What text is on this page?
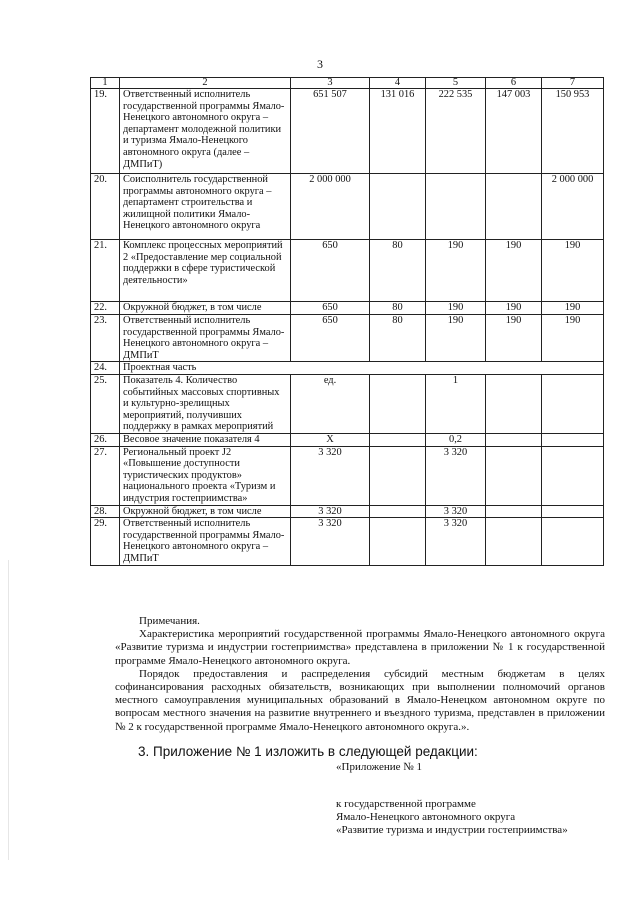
3
1	2	3	4	5	6	7
19.	Ответственный исполнитель государственной программы Ямало-Ненецкого автономного округа – департамент молодежной политики и туризма Ямало-Ненецкого автономного округа (далее – ДМПиТ)	651 507	131 016	222 535	147 003	150 953
20.	Соисполнитель государственной программы автономного округа – департамент строительства и жилищной политики Ямало-Ненецкого автономного округа	2 000 000				2 000 000
21.	Комплекс процессных мероприятий 2 «Предоставление мер социальной поддержки в сфере туристической деятельности»	650	80	190	190	190
22.	Окружной бюджет, в том числе	650	80	190	190	190
23.	Ответственный исполнитель государственной программы Ямало-Ненецкого автономного округа – ДМПиТ	650	80	190	190	190
24.	Проектная часть					
25.	Показатель 4. Количество событийных массовых спортивных и культурно-зрелищных мероприятий, получивших поддержку в рамках мероприятий	ед.		1		
26.	Весовое значение показателя 4	X		0,2		
27.	Региональный проект J2 «Повышение доступности туристических продуктов» национального проекта «Туризм и индустрия гостеприимства»	3 320		3 320		
28.	Окружной бюджет, в том числе	3 320		3 320		
29.	Ответственный исполнитель государственной программы Ямало-Ненецкого автономного округа – ДМПиТ	3 320		3 320		

Примечания.

Характеристика мероприятий государственной программы Ямало-Ненецкого автономного округа «Развитие туризма и индустрии гостеприимства» представлена в приложении № 1 к государственной программе Ямало-Ненецкого автономного округа.

Порядок предоставления и распределения субсидий местным бюджетам в целях софинансирования расходных обязательств, возникающих при выполнении полномочий органов местного самоуправления муниципальных образований в Ямало-Ненецком автономном округе по вопросам местного значения на развитие внутреннего и въездного туризма, представлен в приложении № 2 к государственной программе Ямало-Ненецкого автономного округа.».

3. Приложение № 1 изложить в следующей редакции:
«Приложение № 1
к государственной программе
Ямало-Ненецкого автономного округа
«Развитие туризма и индустрии гостеприимства»
